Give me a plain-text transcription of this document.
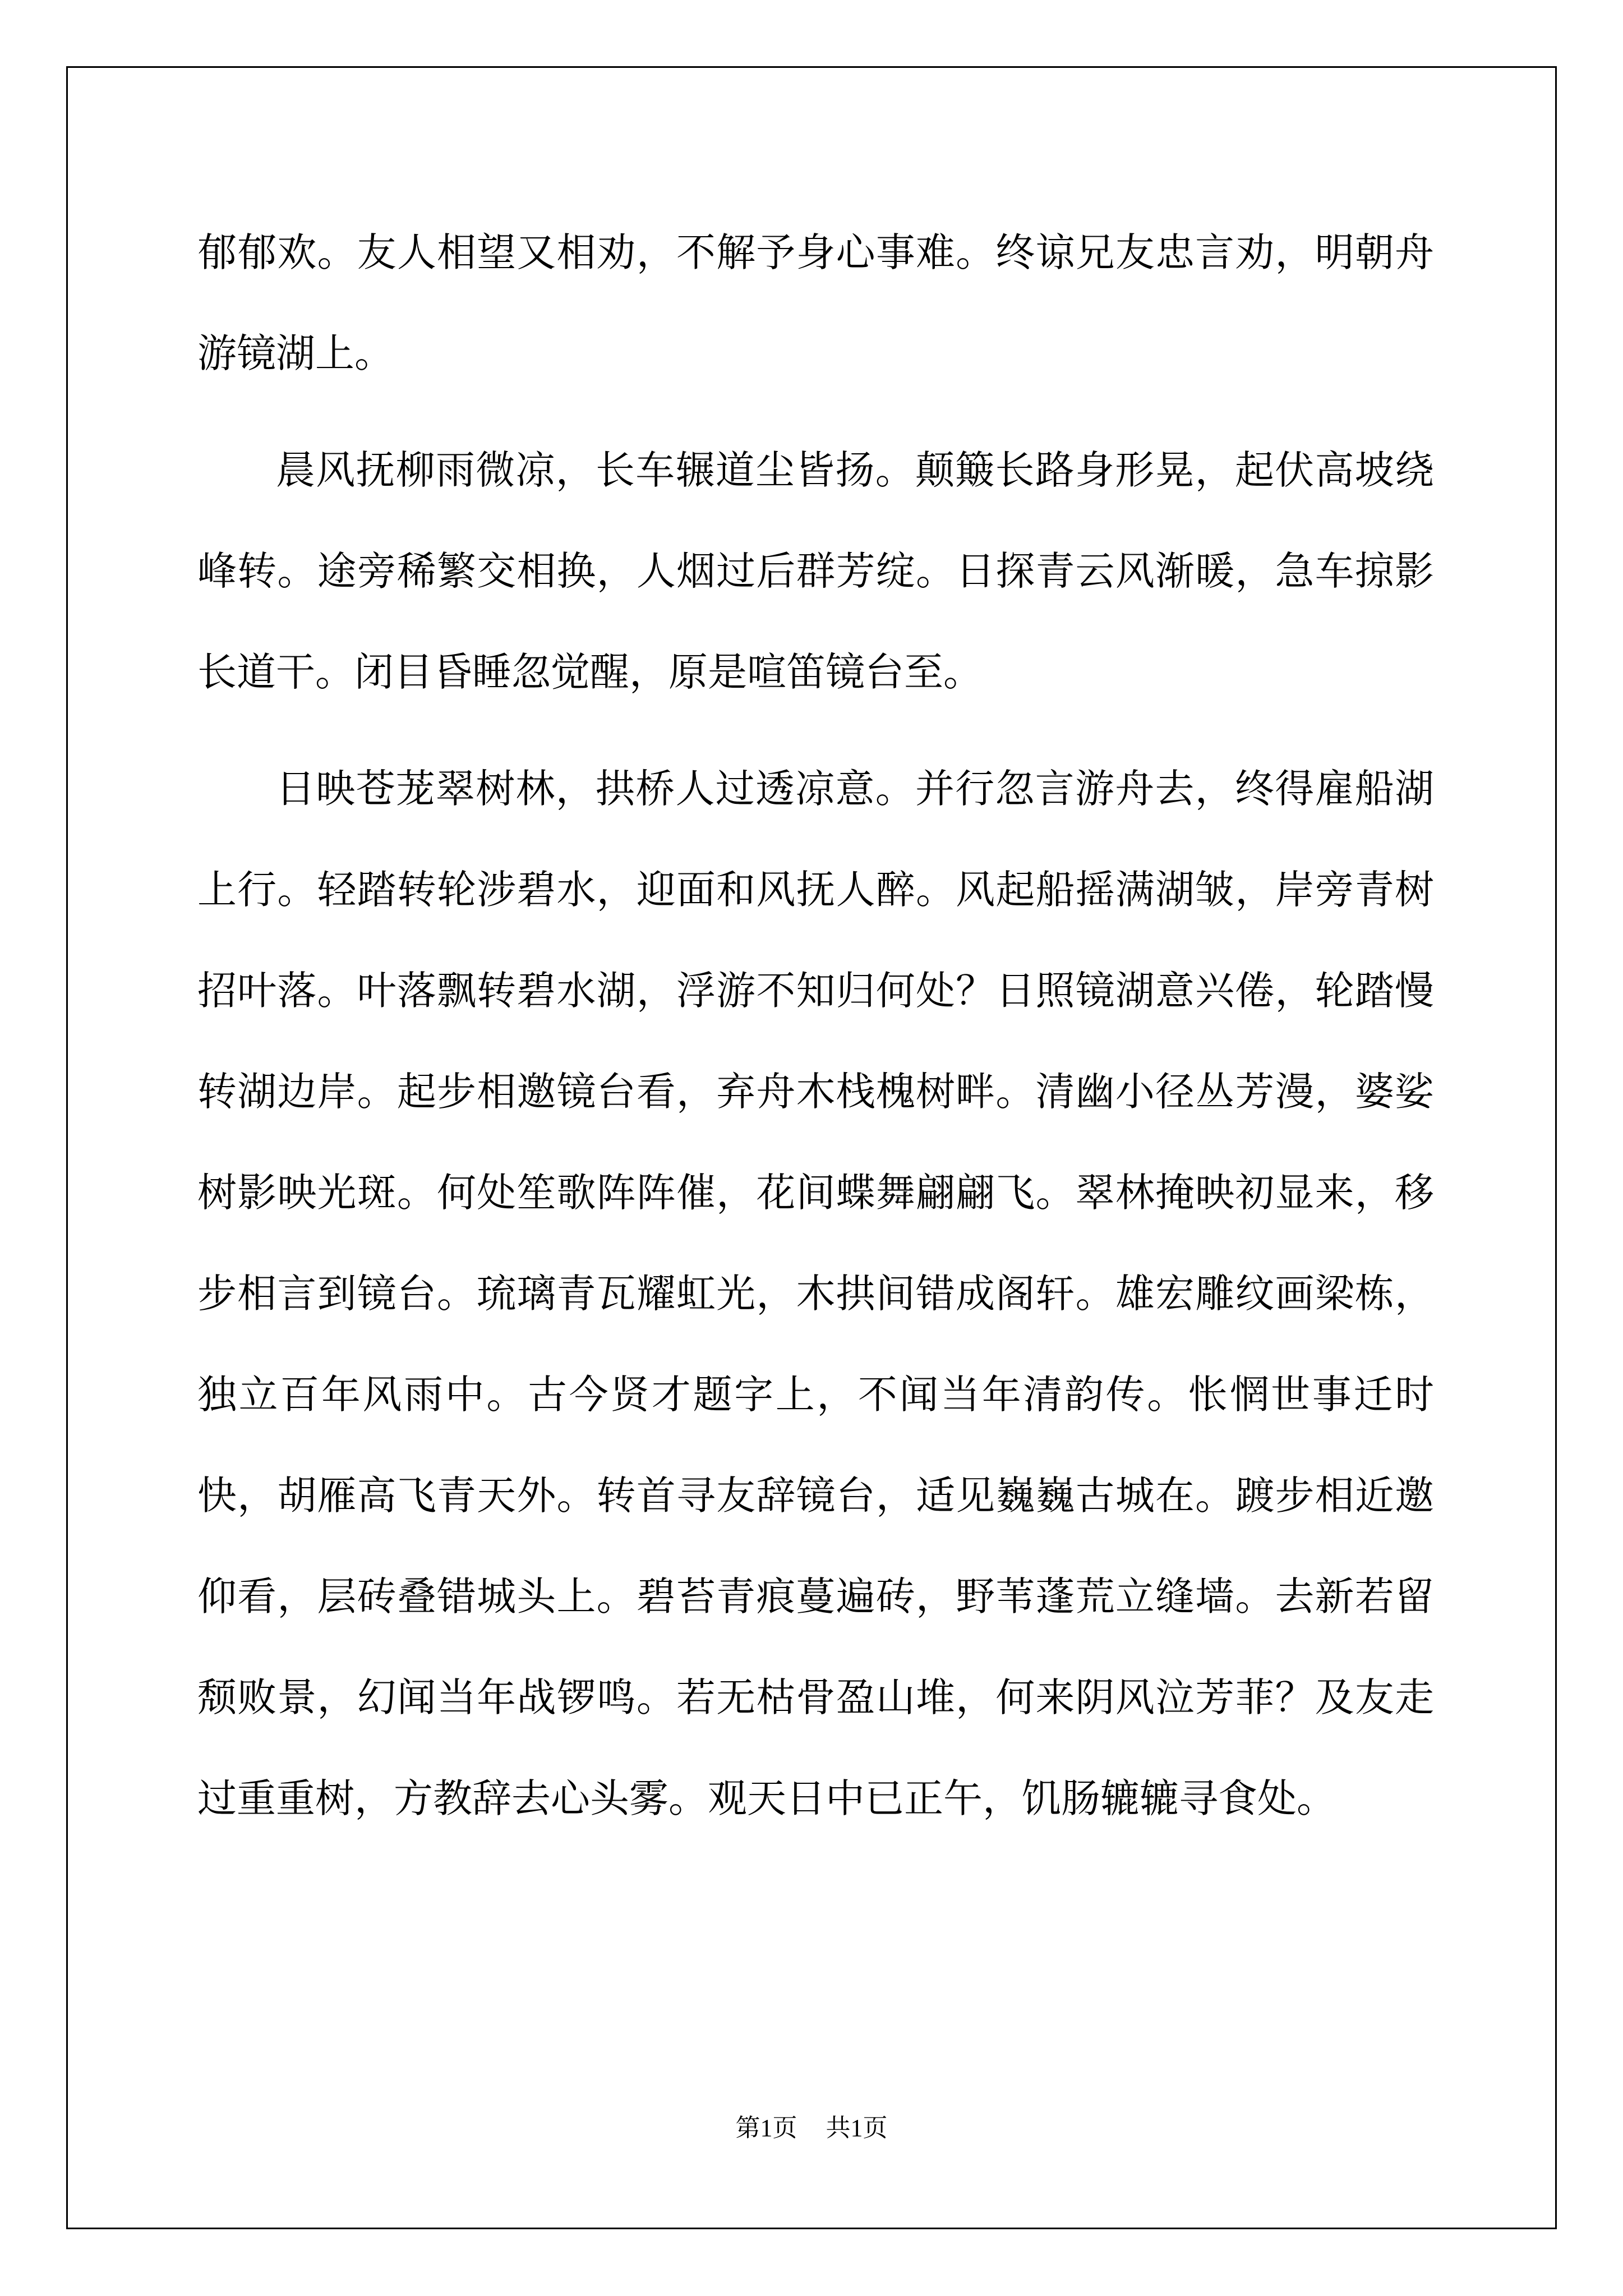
郁郁欢。友人相望又相劝，不解予身心事难。终谅兄友忠言劝，明朝舟游镜湖上。

晨风抚柳雨微凉，长车辗道尘皆扬。颠簸长路身形晃，起伏高坡绕峰转。途旁稀繁交相换，人烟过后群芳绽。日探青云风渐暖，急车掠影长道干。闭目昏睡忽觉醒，原是喧笛镜台至。

日映苍茏翠树林，拱桥人过透凉意。并行忽言游舟去，终得雇船湖上行。轻踏转轮涉碧水，迎面和风抚人醉。风起船摇满湖皱，岸旁青树招叶落。叶落飘转碧水湖，浮游不知归何处？日照镜湖意兴倦，轮踏慢转湖边岸。起步相邀镜台看，弃舟木栈槐树畔。清幽小径丛芳漫，婆娑树影映光斑。何处笙歌阵阵催，花间蝶舞翩翩飞。翠林掩映初显来，移步相言到镜台。琉璃青瓦耀虹光，木拱间错成阁轩。雄宏雕纹画梁栋，独立百年风雨中。古今贤才题字上，不闻当年清韵传。怅惘世事迁时快，胡雁高飞青天外。转首寻友辞镜台，适见巍巍古城在。踱步相近邀仰看，层砖叠错城头上。碧苔青痕蔓遍砖，野苇蓬荒立缝墙。去新若留颓败景，幻闻当年战锣鸣。若无枯骨盈山堆，何来阴风泣芳菲？及友走过重重树，方教辞去心头雾。观天日中已正午，饥肠辘辘寻食处。

第1页 共1页
